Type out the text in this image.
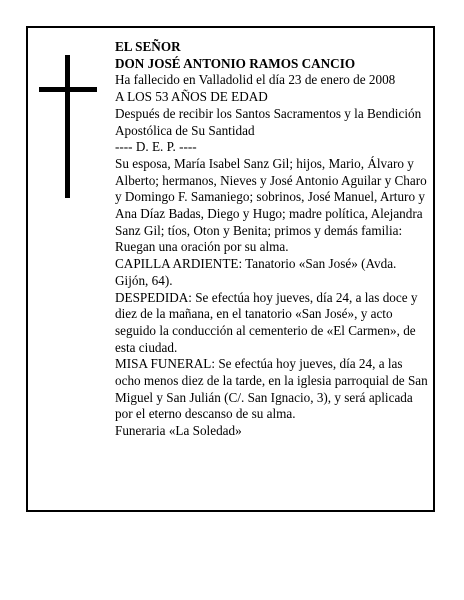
EL SEÑOR
DON JOSÉ ANTONIO RAMOS CANCIO
Ha fallecido en Valladolid el día 23 de enero de 2008
A LOS 53 AÑOS DE EDAD
Después de recibir los Santos Sacramentos y la Bendición Apostólica de Su Santidad
---- D. E. P. ----
Su esposa, María Isabel Sanz Gil; hijos, Mario, Álvaro y Alberto; hermanos, Nieves y José Antonio Aguilar y Charo y Domingo F. Samaniego; sobrinos, José Manuel, Arturo y Ana Díaz Badas, Diego y Hugo; madre política, Alejandra Sanz Gil; tíos, Oton y Benita; primos y demás familia:
Ruegan una oración por su alma.
CAPILLA ARDIENTE: Tanatorio «San José» (Avda. Gijón, 64).
DESPEDIDA: Se efectúa hoy jueves, día 24, a las doce y diez de la mañana, en el tanatorio «San José», y acto seguido la conducción al cementerio de «El Carmen», de esta ciudad.
MISA FUNERAL: Se efectúa hoy jueves, día 24, a las ocho menos diez de la tarde, en la iglesia parroquial de San Miguel y San Julián (C/. San Ignacio, 3), y será aplicada por el eterno descanso de su alma.
Funeraria «La Soledad»
